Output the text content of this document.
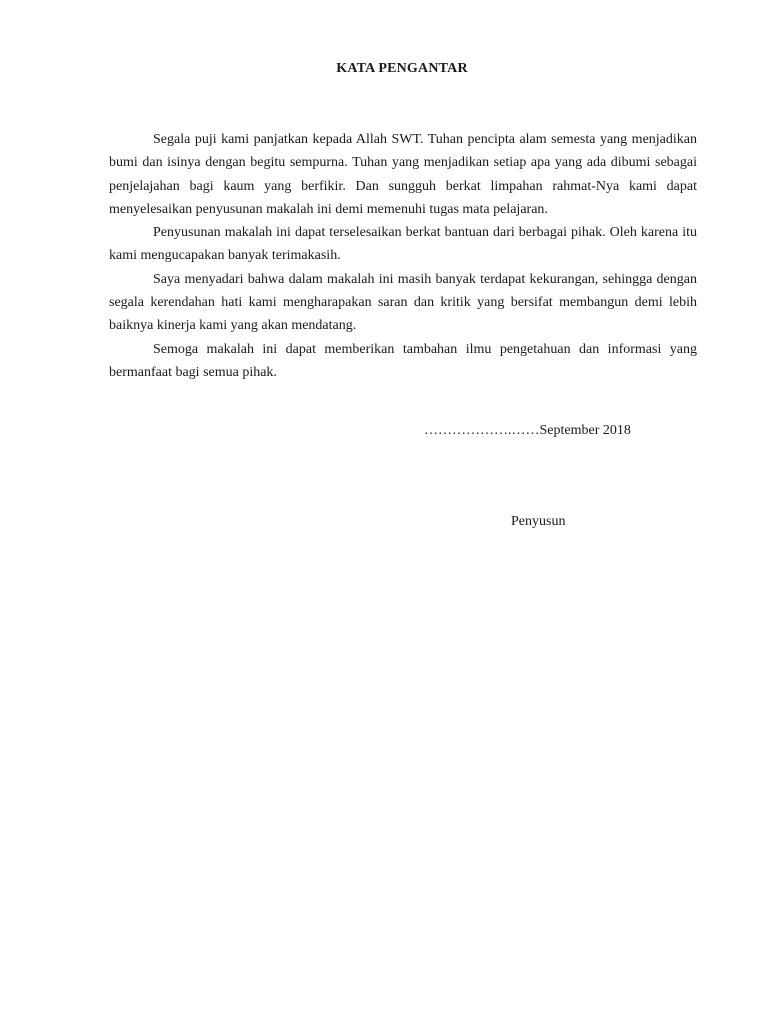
KATA PENGANTAR

Segala puji kami panjatkan kepada Allah SWT. Tuhan pencipta alam semesta yang menjadikan bumi dan isinya dengan begitu sempurna. Tuhan yang menjadikan setiap apa yang ada dibumi sebagai penjelajahan bagi kaum yang berfikir. Dan sungguh berkat limpahan rahmat-Nya kami dapat menyelesaikan penyusunan makalah ini demi memenuhi tugas mata pelajaran.

Penyusunan makalah ini dapat terselesaikan berkat bantuan dari berbagai pihak. Oleh karena itu kami mengucapakan banyak terimakasih.

Saya menyadari bahwa dalam makalah ini masih banyak terdapat kekurangan, sehingga dengan segala kerendahan hati kami mengharapakan saran dan kritik yang bersifat membangun demi lebih baiknya kinerja kami yang akan mendatang.

Semoga makalah ini dapat memberikan tambahan ilmu pengetahuan dan informasi yang bermanfaat bagi semua pihak.

……………….……September 2018
Penyusun
